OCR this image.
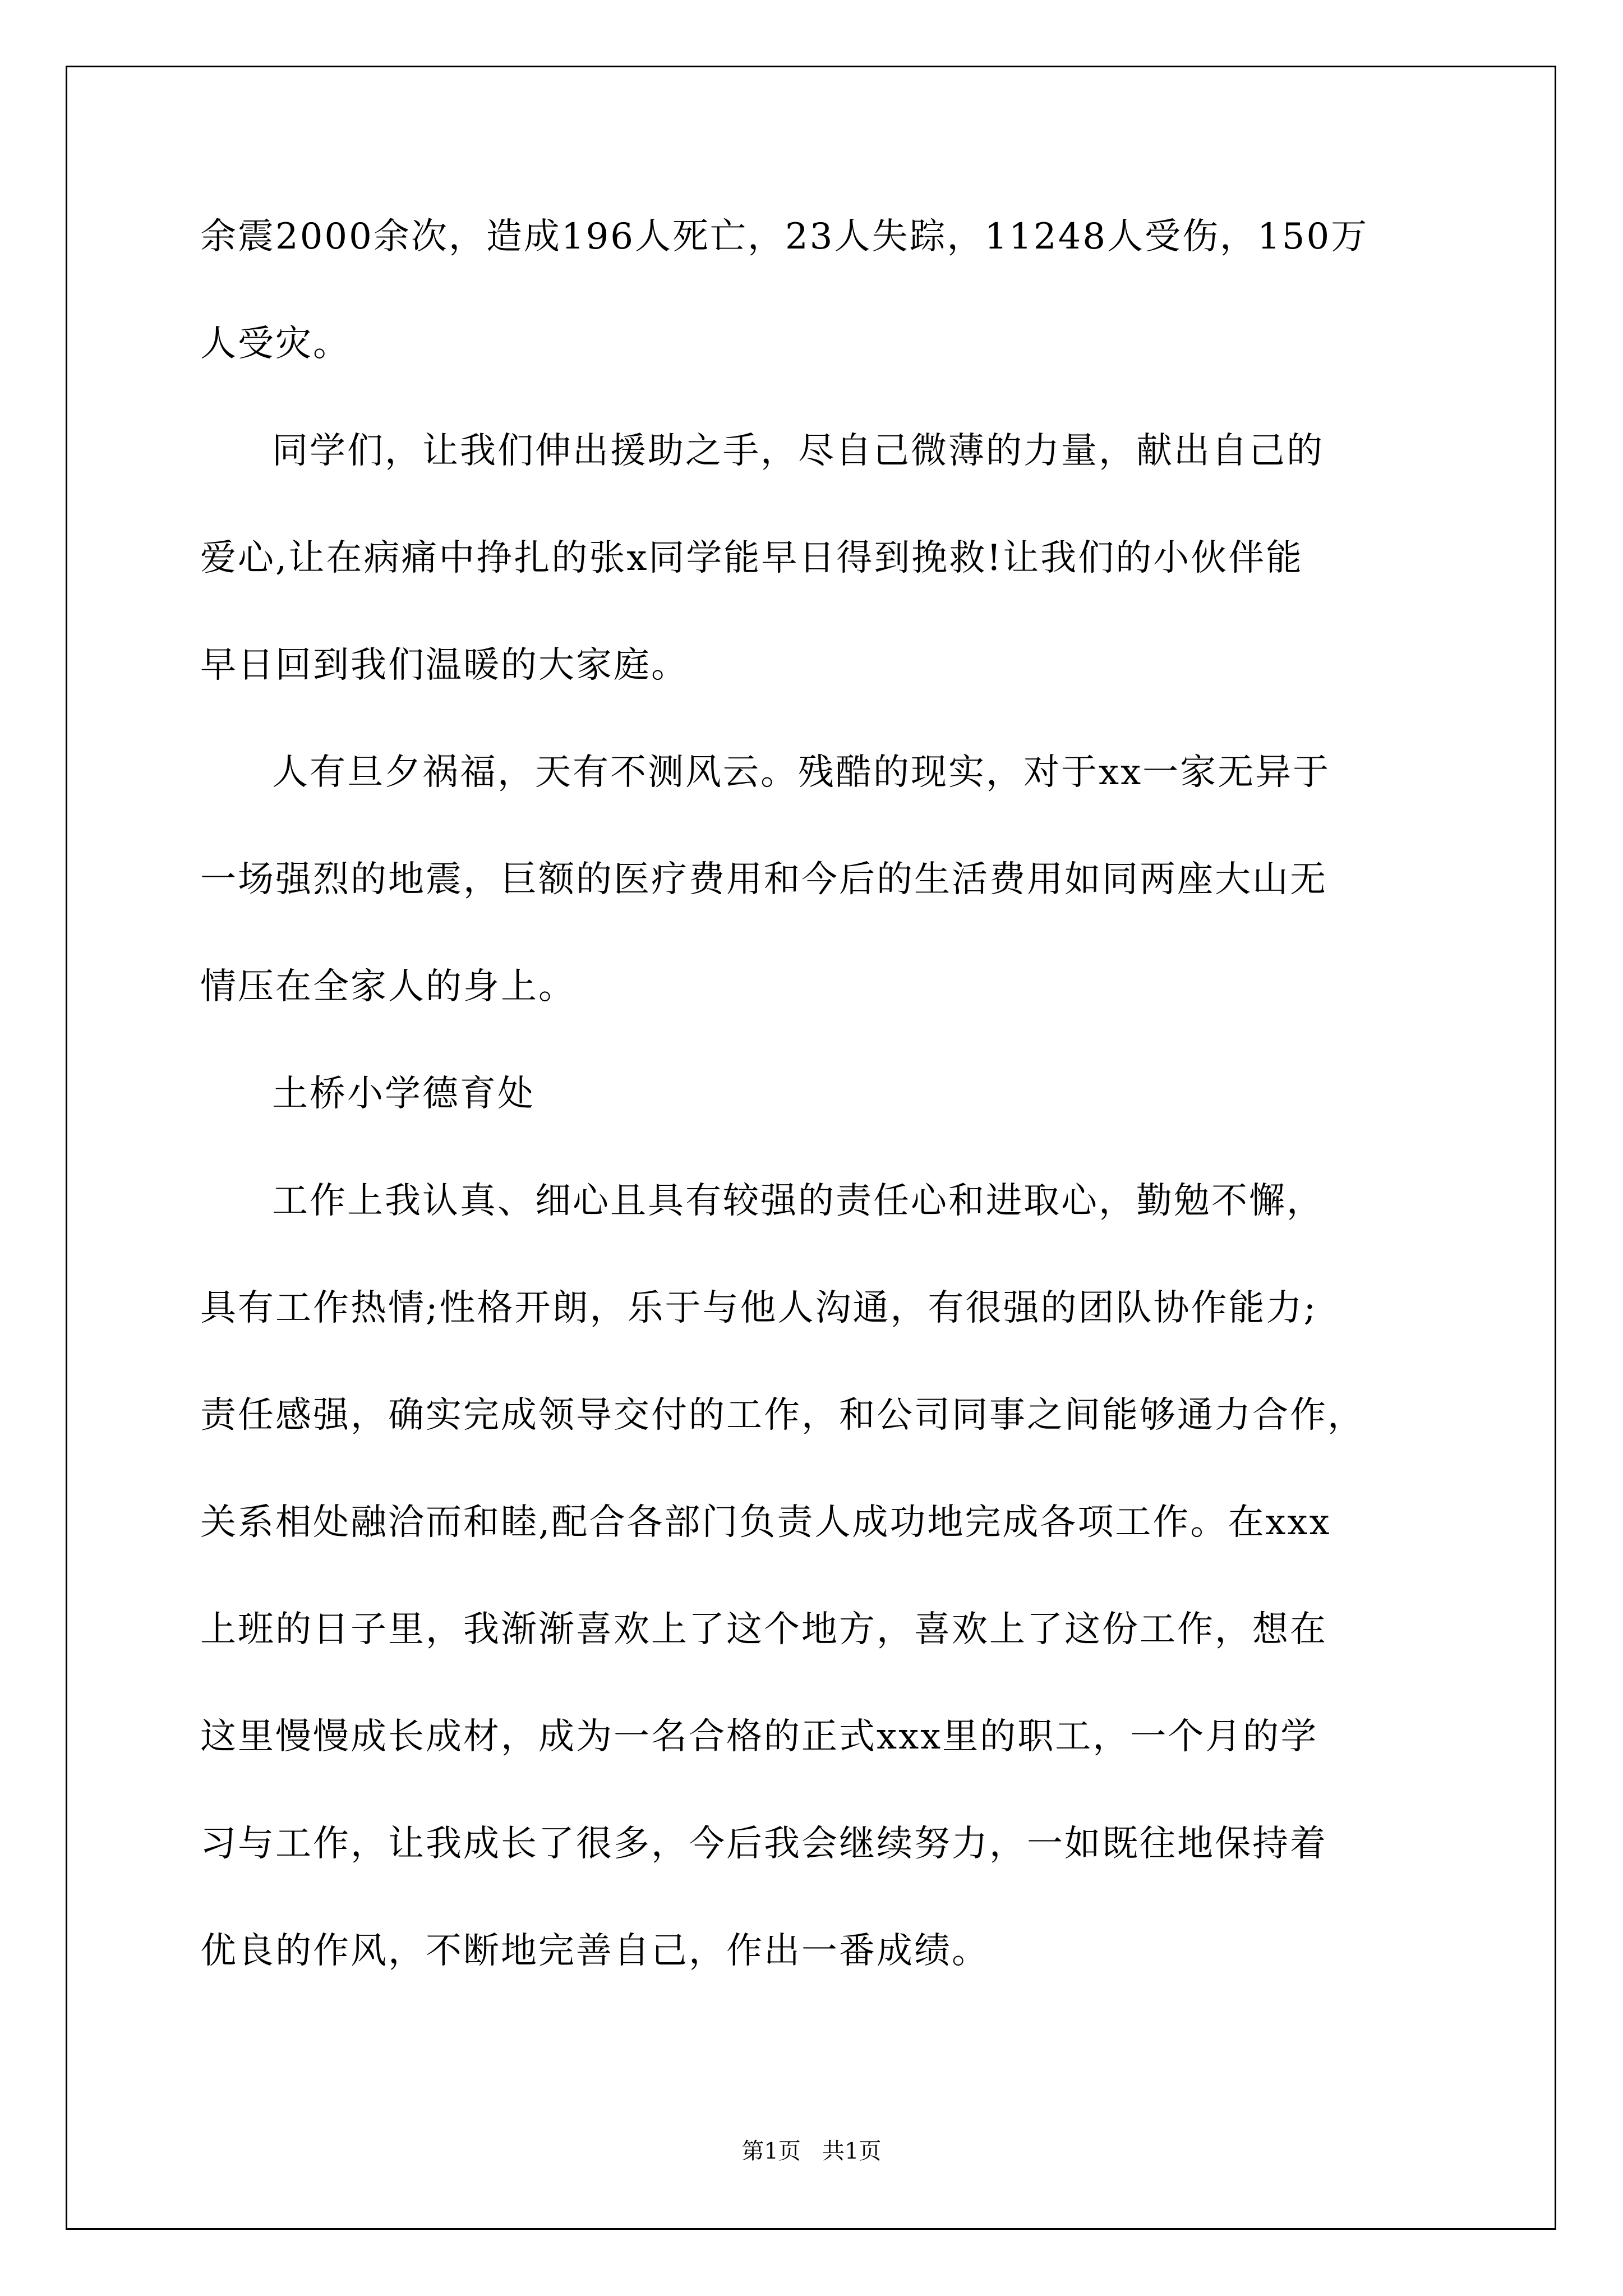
余震2000余次，造成196人死亡，23人失踪，11248人受伤，150万
人受灾。
同学们，让我们伸出援助之手，尽自己微薄的力量，献出自己的
爱心,让在病痛中挣扎的张x同学能早日得到挽救!让我们的小伙伴能
早日回到我们温暖的大家庭。
人有旦夕祸福，天有不测风云。残酷的现实，对于xx一家无异于
一场强烈的地震，巨额的医疗费用和今后的生活费用如同两座大山无
情压在全家人的身上。
土桥小学德育处
工作上我认真、细心且具有较强的责任心和进取心，勤勉不懈，
具有工作热情;性格开朗，乐于与他人沟通，有很强的团队协作能力;
责任感强，确实完成领导交付的工作，和公司同事之间能够通力合作，
关系相处融洽而和睦,配合各部门负责人成功地完成各项工作。在xxx
上班的日子里，我渐渐喜欢上了这个地方，喜欢上了这份工作，想在
这里慢慢成长成材，成为一名合格的正式xxx里的职工，一个月的学
习与工作，让我成长了很多，今后我会继续努力，一如既往地保持着
优良的作风，不断地完善自己，作出一番成绩。
第1页   共1页
